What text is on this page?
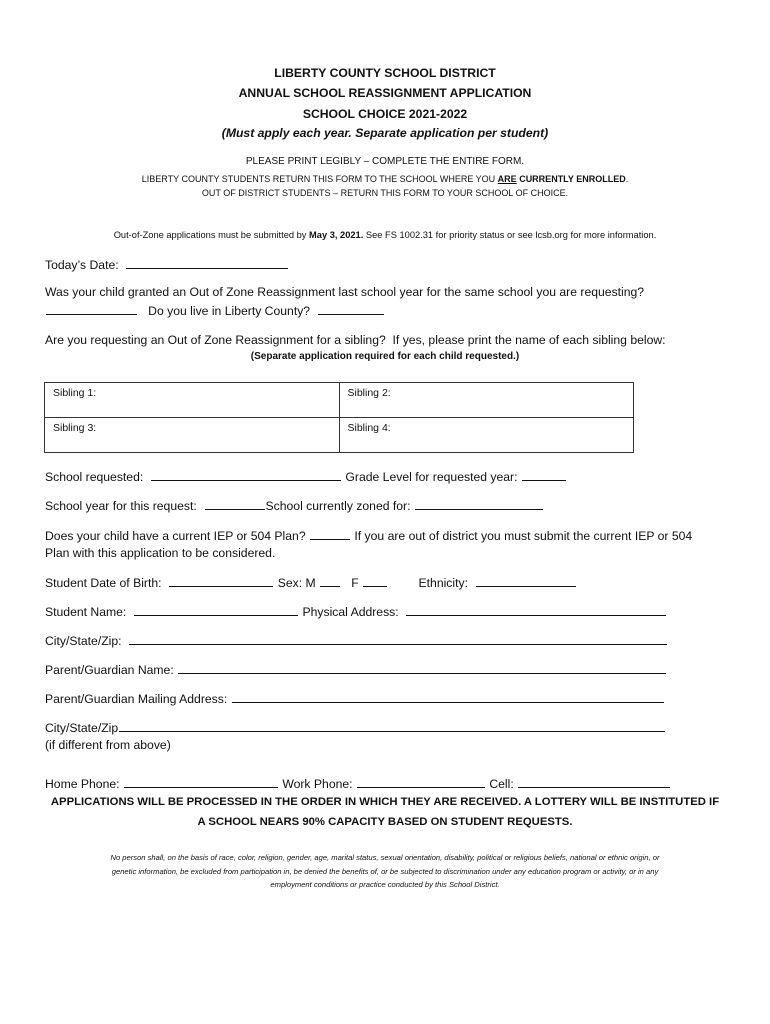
LIBERTY COUNTY SCHOOL DISTRICT
ANNUAL SCHOOL REASSIGNMENT APPLICATION
SCHOOL CHOICE 2021-2022
(Must apply each year. Separate application per student)
PLEASE PRINT LEGIBLY – COMPLETE THE ENTIRE FORM.
LIBERTY COUNTY STUDENTS RETURN THIS FORM TO THE SCHOOL WHERE YOU ARE CURRENTLY ENROLLED.
OUT OF DISTRICT STUDENTS – RETURN THIS FORM TO YOUR SCHOOL OF CHOICE.
Out-of-Zone applications must be submitted by May 3, 2021. See FS 1002.31 for priority status or see lcsb.org for more information.
Today’s Date:
Was your child granted an Out of Zone Reassignment last school year for the same school you are requesting?
Do you live in Liberty County?
Are you requesting an Out of Zone Reassignment for a sibling?  If yes, please print the name of each sibling below:
(Separate application required for each child requested.)
Sibling 1:	Sibling 2:
Sibling 3:	Sibling 4:
School requested:	Grade Level for requested year:
School year for this request:	School currently zoned for:
Does your child have a current IEP or 504 Plan?	If you are out of district you must submit the current IEP or 504
Plan with this application to be considered.
Student Date of Birth:	Sex: M	F	Ethnicity:
Student Name:	Physical Address:
City/State/Zip:
Parent/Guardian Name:
Parent/Guardian Mailing Address:
City/State/Zip
(if different from above)
Home Phone:	Work Phone:	Cell:
APPLICATIONS WILL BE PROCESSED IN THE ORDER IN WHICH THEY ARE RECEIVED. A LOTTERY WILL BE INSTITUTED IF
A SCHOOL NEARS 90% CAPACITY BASED ON STUDENT REQUESTS.
No person shall, on the basis of race, color, religion, gender, age, marital status, sexual orientation, disability, political or religious beliefs, national or ethnic origin, or
genetic information, be excluded from participation in, be denied the benefits of, or be subjected to discrimination under any education program or activity, or in any
employment conditions or practice conducted by this School District.
